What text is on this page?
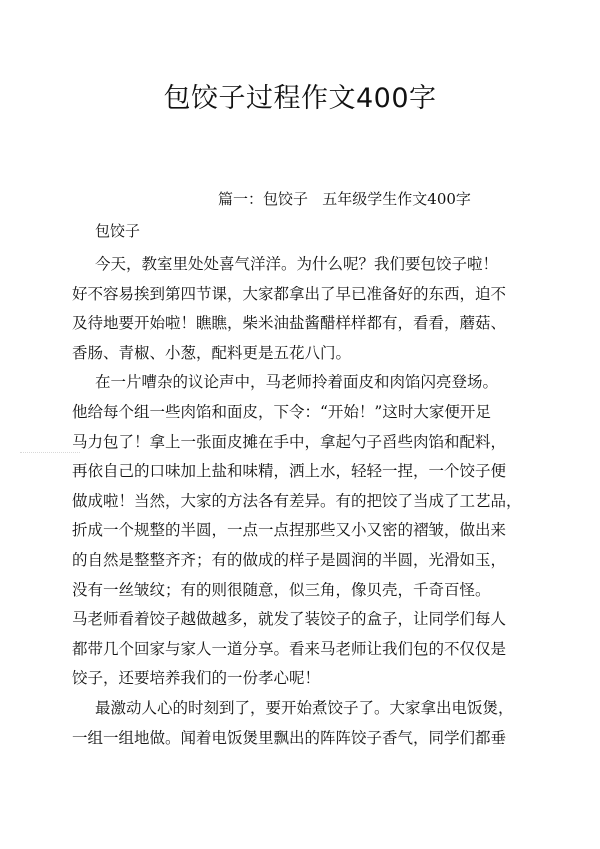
包饺子过程作文400字
篇一：包饺子   五年级学生作文400字
包饺子
今天，教室里处处喜气洋洋。为什么呢？我们要包饺子啦！
好不容易挨到第四节课，大家都拿出了早已准备好的东西，迫不
及待地要开始啦！瞧瞧，柴米油盐酱醋样样都有，看看，蘑菇、
香肠、青椒、小葱，配料更是五花八门。
在一片嘈杂的议论声中，马老师拎着面皮和肉馅闪亮登场。
他给每个组一些肉馅和面皮，下令：“开始！”这时大家便开足
马力包了！拿上一张面皮摊在手中，拿起勺子舀些肉馅和配料，
再依自己的口味加上盐和味精，洒上水，轻轻一捏，一个饺子便
做成啦！当然，大家的方法各有差异。有的把饺了当成了工艺品，
折成一个规整的半圆，一点一点捏那些又小又密的褶皱，做出来
的自然是整整齐齐；有的做成的样子是圆润的半圆，光滑如玉，
没有一丝皱纹；有的则很随意，似三角，像贝壳，千奇百怪。
马老师看着饺子越做越多，就发了装饺子的盒子，让同学们每人
都带几个回家与家人一道分享。看来马老师让我们包的不仅仅是
饺子，还要培养我们的一份孝心呢！
最激动人心的时刻到了，要开始煮饺子了。大家拿出电饭煲，
一组一组地做。闻着电饭煲里飘出的阵阵饺子香气，同学们都垂
